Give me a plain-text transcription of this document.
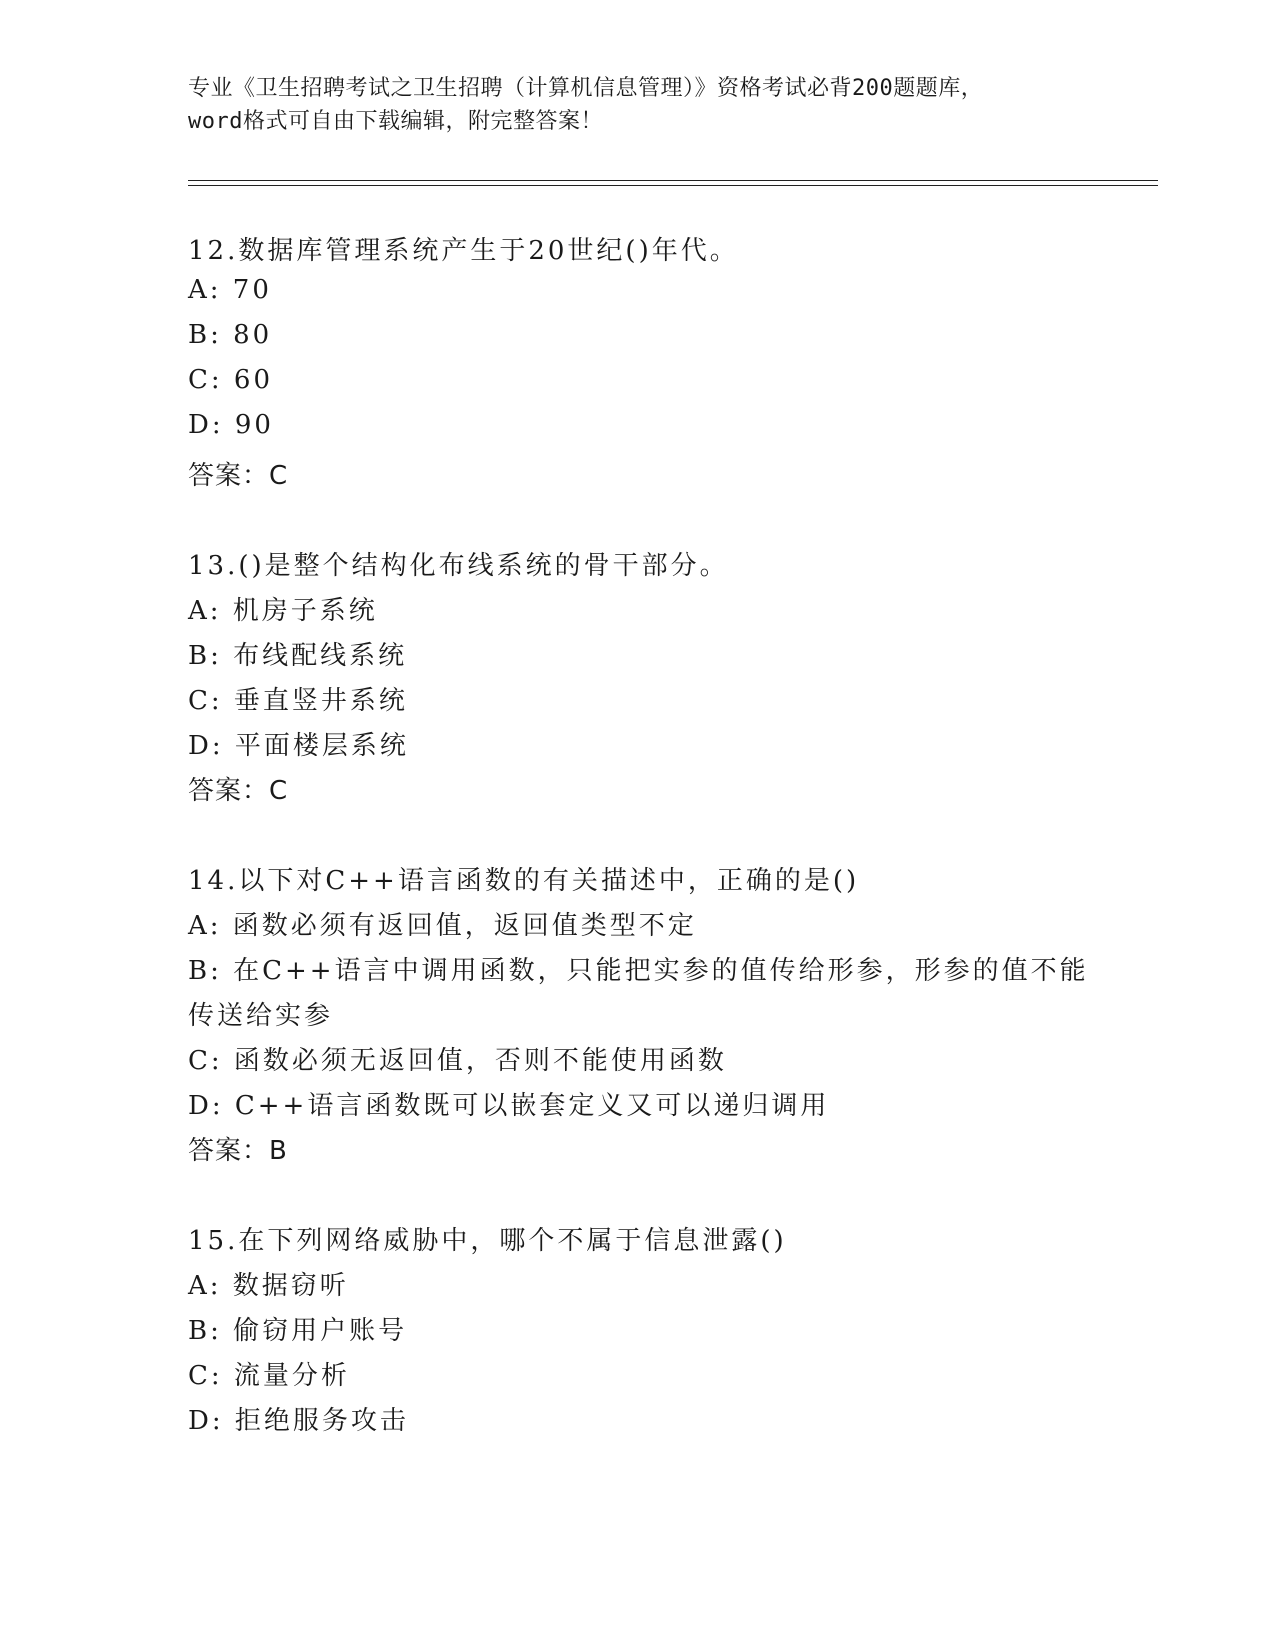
专业《卫生招聘考试之卫生招聘（计算机信息管理）》资格考试必背200题题库，
word格式可自由下载编辑，附完整答案！
12.数据库管理系统产生于20世纪()年代。
A: 70
B: 80
C: 60
D: 90
答案：C
13.()是整个结构化布线系统的骨干部分。
A: 机房子系统
B: 布线配线系统
C: 垂直竖井系统
D: 平面楼层系统
答案：C
14.以下对C++语言函数的有关描述中，正确的是()
A: 函数必须有返回值，返回值类型不定
B: 在C++语言中调用函数，只能把实参的值传给形参，形参的值不能
传送给实参
C: 函数必须无返回值，否则不能使用函数
D: C++语言函数既可以嵌套定义又可以递归调用
答案：B
15.在下列网络威胁中，哪个不属于信息泄露()
A: 数据窃听
B: 偷窃用户账号
C: 流量分析
D: 拒绝服务攻击
